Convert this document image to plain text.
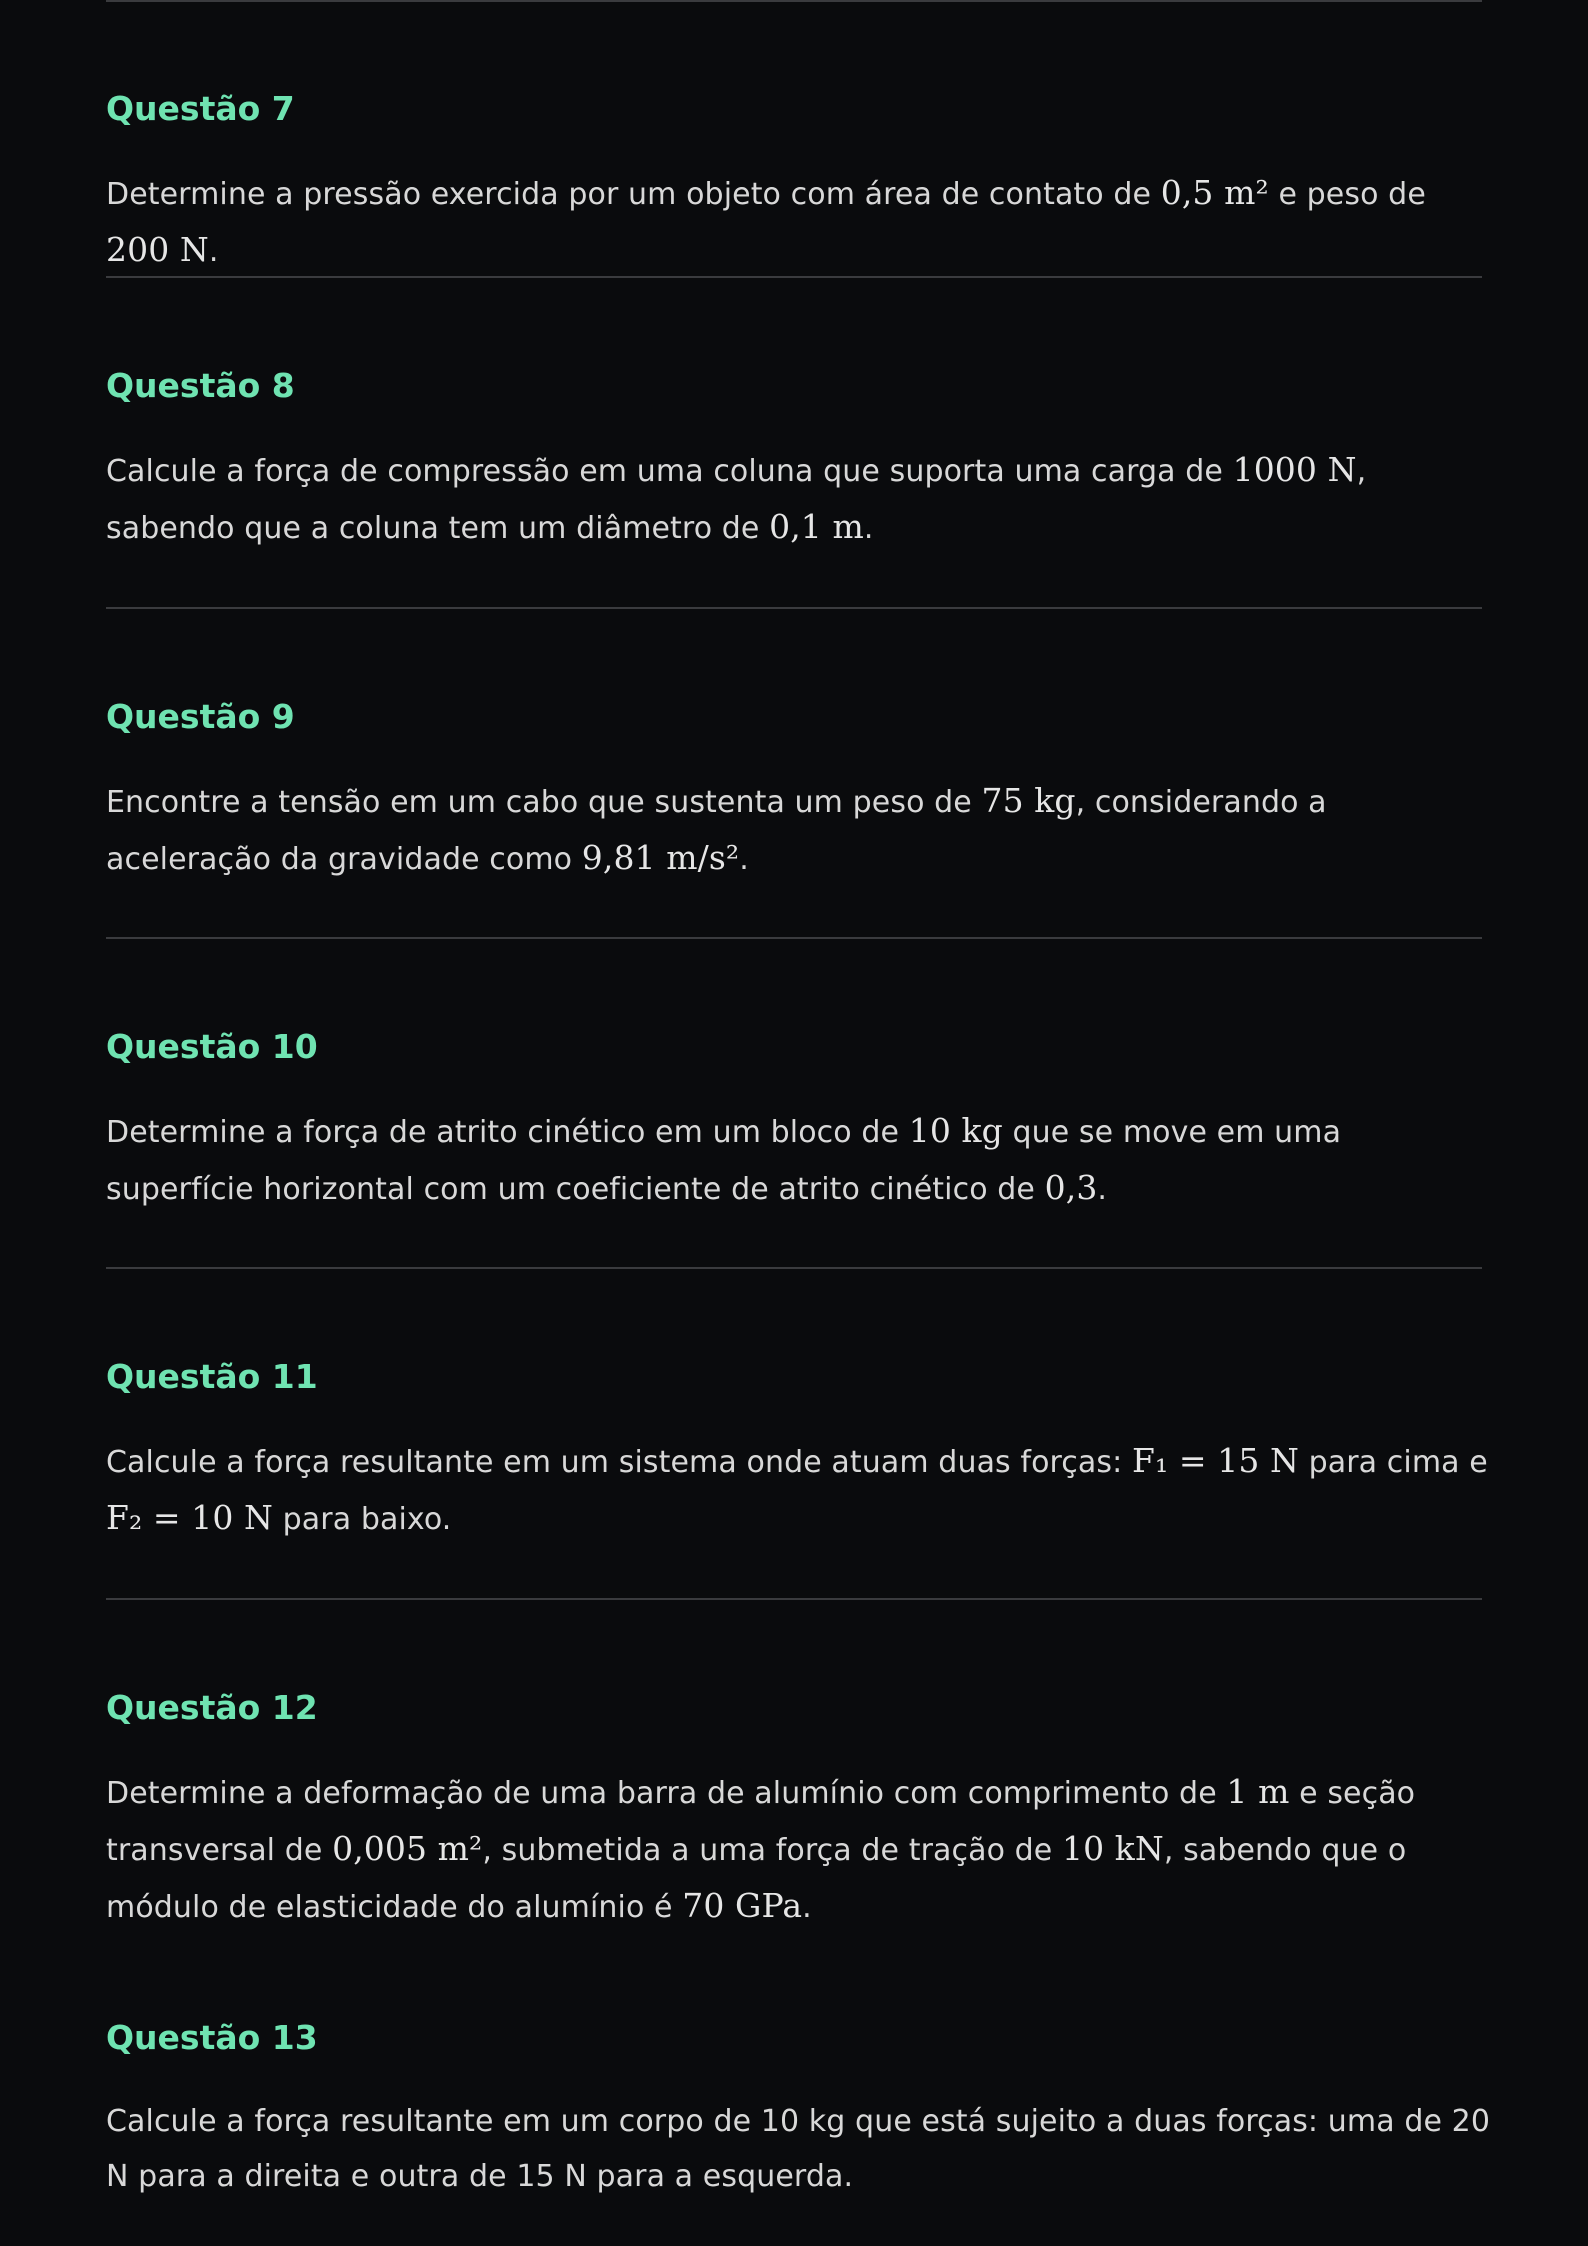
Questão 7

Determine a pressão exercida por um objeto com área de contato de 0,5 m² e peso de 200 N.

Questão 8

Calcule a força de compressão em uma coluna que suporta uma carga de 1000 N, sabendo que a coluna tem um diâmetro de 0,1 m.

Questão 9

Encontre a tensão em um cabo que sustenta um peso de 75 kg, considerando a aceleração da gravidade como 9,81 m/s².

Questão 10

Determine a força de atrito cinético em um bloco de 10 kg que se move em uma superfície horizontal com um coeficiente de atrito cinético de 0,3.

Questão 11

Calcule a força resultante em um sistema onde atuam duas forças: F₁ = 15 N para cima e F₂ = 10 N para baixo.

Questão 12

Determine a deformação de uma barra de alumínio com comprimento de 1 m e seção transversal de 0,005 m², submetida a uma força de tração de 10 kN, sabendo que o módulo de elasticidade do alumínio é 70 GPa.

Questão 13

Calcule a força resultante em um corpo de 10 kg que está sujeito a duas forças: uma de 20 N para a direita e outra de 15 N para a esquerda.
